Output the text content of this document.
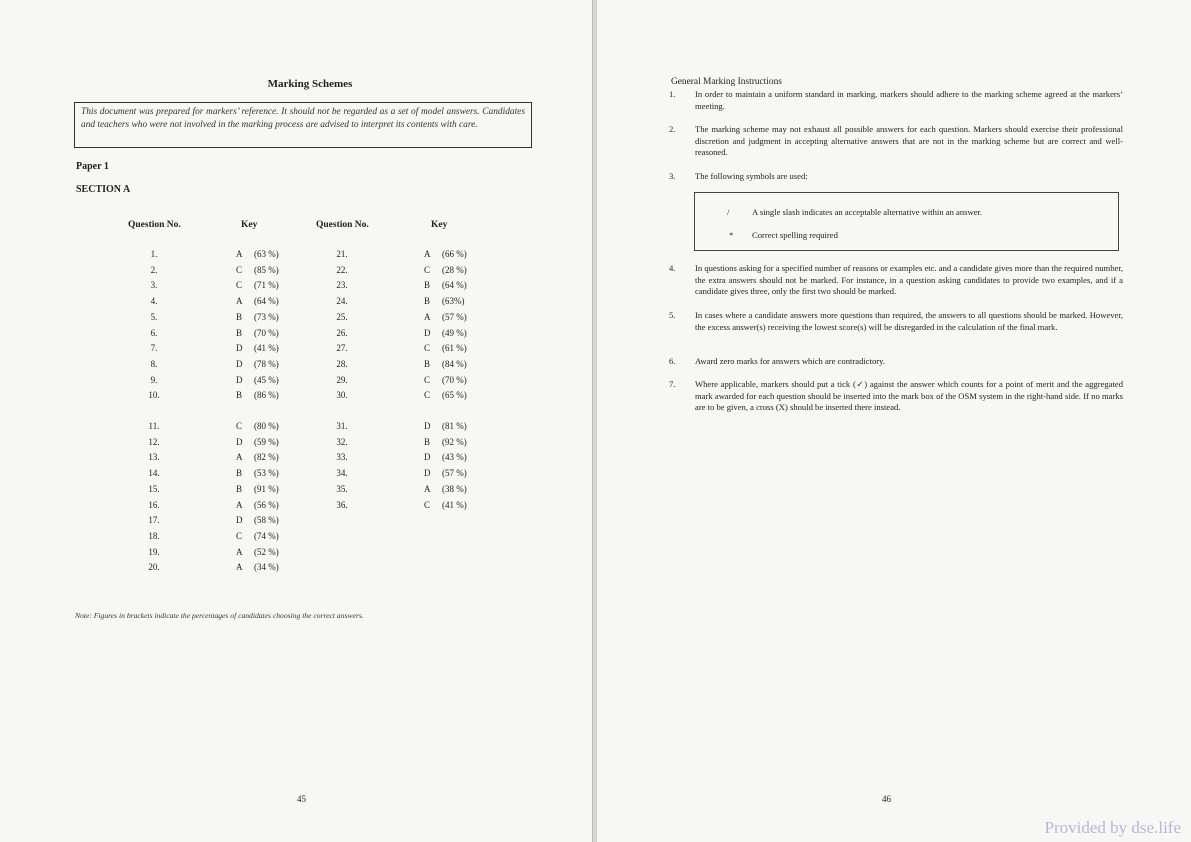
Marking Schemes
This document was prepared for markers’ reference. It should not be regarded as a set of model answers. Candidates and teachers who were not involved in the marking process are advised to interpret its contents with care.
Paper 1
SECTION A
Question No.	Key	Question No.	Key
1.	A (63 %)	21.	A (66 %)
2.	C (85 %)	22.	C (28 %)
3.	C (71 %)	23.	B (64 %)
4.	A (64 %)	24.	B (63%)
5.	B (73 %)	25.	A (57 %)
6.	B (70 %)	26.	D (49 %)
7.	D (41 %)	27.	C (61 %)
8.	D (78 %)	28.	B (84 %)
9.	D (45 %)	29.	C (70 %)
10.	B (86 %)	30.	C (65 %)
11.	C (80 %)	31.	D (81 %)
12.	D (59 %)	32.	B (92 %)
13.	A (82 %)	33.	D (43 %)
14.	B (53 %)	34.	D (57 %)
15.	B (91 %)	35.	A (38 %)
16.	A (56 %)	36.	C (41 %)
17.	D (58 %)
18.	C (74 %)
19.	A (52 %)
20.	A (34 %)
Note: Figures in brackets indicate the percentages of candidates choosing the correct answers.
45
General Marking Instructions
1. In order to maintain a uniform standard in marking, markers should adhere to the marking scheme agreed at the markers’ meeting.
2. The marking scheme may not exhaust all possible answers for each question. Markers should exercise their professional discretion and judgment in accepting alternative answers that are not in the marking scheme but are correct and well-reasoned.
3. The following symbols are used:
/	A single slash indicates an acceptable alternative within an answer.
* Correct spelling required
4. In questions asking for a specified number of reasons or examples etc. and a candidate gives more than the required number, the extra answers should not be marked. For instance, in a question asking candidates to provide two examples, and if a candidate gives three, only the first two should be marked.
5. In cases where a candidate answers more questions than required, the answers to all questions should be marked. However, the excess answer(s) receiving the lowest score(s) will be disregarded in the calculation of the final mark.
6. Award zero marks for answers which are contradictory.
7. Where applicable, markers should put a tick (✓) against the answer which counts for a point of merit and the aggregated mark awarded for each question should be inserted into the mark box of the OSM system in the right-hand side. If no marks are to be given, a cross (X) should be inserted there instead.
46
Provided by dse.life
